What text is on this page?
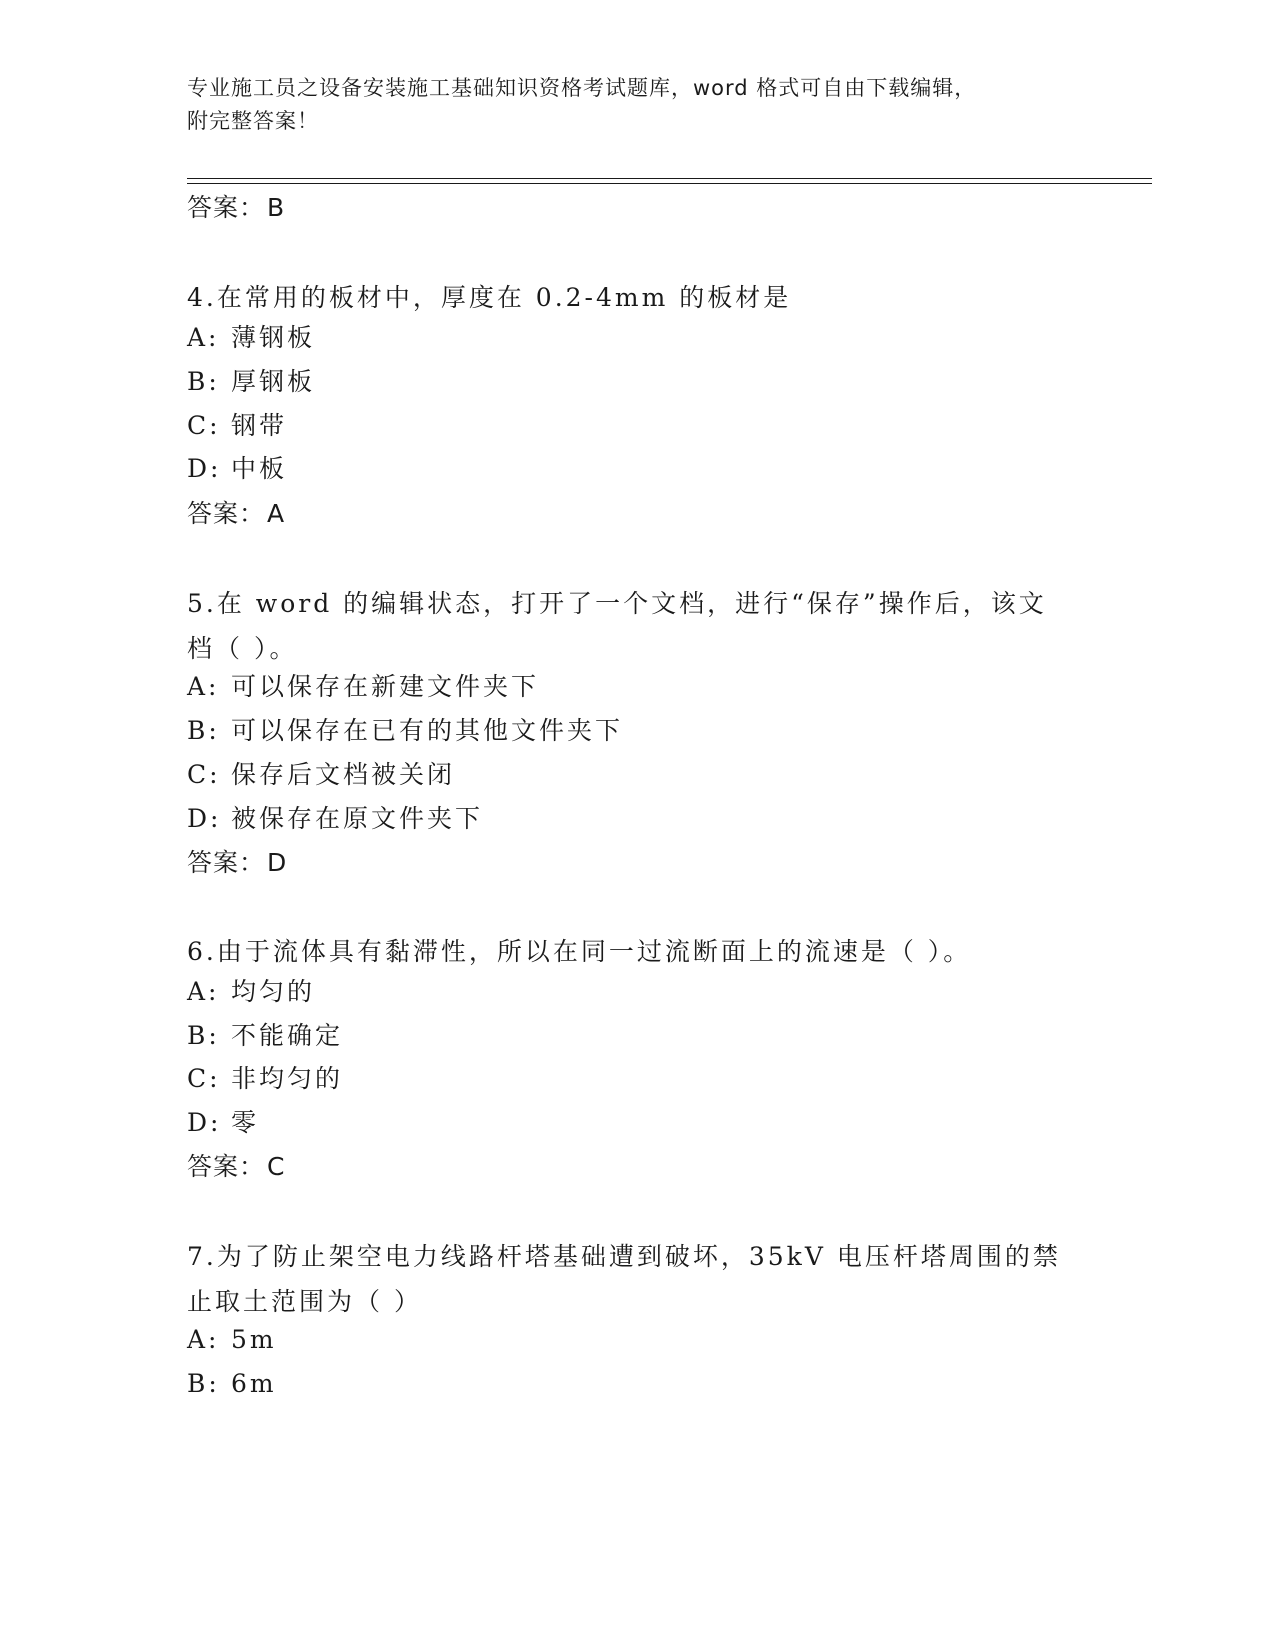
专业施工员之设备安装施工基础知识资格考试题库，word 格式可自由下载编辑，
附完整答案！
答案：B
4.在常用的板材中，厚度在 0.2-4mm 的板材是
A: 薄钢板
B: 厚钢板
C: 钢带
D: 中板
答案：A
5.在 word 的编辑状态，打开了一个文档，进行“保存”操作后，该文
档（ ）。
A: 可以保存在新建文件夹下
B: 可以保存在已有的其他文件夹下
C: 保存后文档被关闭
D: 被保存在原文件夹下
答案：D
6.由于流体具有黏滞性，所以在同一过流断面上的流速是（ ）。
A: 均匀的
B: 不能确定
C: 非均匀的
D: 零
答案：C
7.为了防止架空电力线路杆塔基础遭到破坏，35kV 电压杆塔周围的禁
止取土范围为（ ）
A: 5m
B: 6m
